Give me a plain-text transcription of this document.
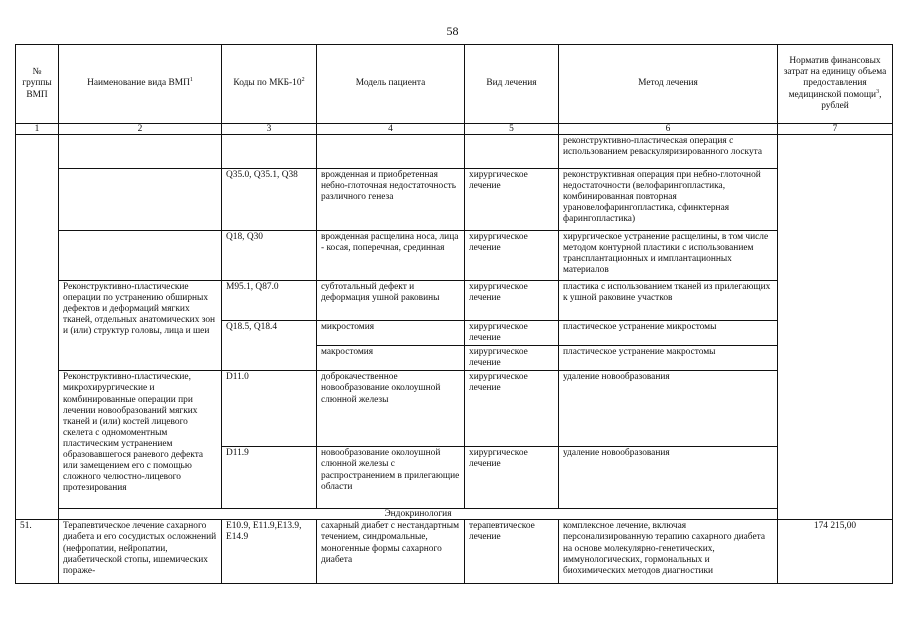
58
№ группы ВМП	Наименование вида ВМП$^1$	Коды по МКБ-$10^2$	Модель пациента	Вид лечения	Метод лечения	Норматив финансовых затрат на единицу объема предоставления медицинской помощи$^3$, рублей
1	2	3	4	5	6	7
					реконструктивно-пластическая операция с использованием реваскуляризированного лоскута	
		Q35.0, Q35.1, Q38	врожденная и приобретенная небно-глоточная недостаточность различного генеза	хирургическое лечение	реконструктивная операция при небно-глоточной недостаточности (велофарингопластика, комбинированная повторная урановелофарингопластика, сфинктерная фарингопластика)	
		Q18, Q30	врожденная расщелина носа, лица - косая, поперечная, срединная	хирургическое лечение	хирургическое устранение расщелины, в том числе методом контурной пластики с использованием трансплантационных и имплантационных материалов	
	Реконструктивно-пластические операции по устранению обширных дефектов и деформаций мягких тканей, отдельных анатомических зон и (или) структур головы, лица и шеи	M95.1, Q87.0	субтотальный дефект и деформация ушной раковины	хирургическое лечение	пластика с использованием тканей из прилегающих к ушной раковине участков	
		Q18.5, Q18.4	микростомия	хирургическое лечение	пластическое устранение микростомы	
			макростомия	хирургическое лечение	пластическое устранение макростомы	
	Реконструктивно-пластические, микрохирургические и комбинированные операции при лечении новообразований мягких тканей и (или) костей лицевого скелета с одномоментным пластическим устранением образовавшегося раневого дефекта или замещением его с помощью сложного челюстно-лицевого протезирования	D11.0	доброкачественное новообразование околоушной слюнной железы	хирургическое лечение	удаление новообразования	
		D11.9	новообразование околоушной слюнной железы с распространением в прилегающие области	хирургическое лечение	удаление новообразования	
	Эндокринология					
51.	Терапевтическое лечение сахарного диабета и его сосудистых осложнений (нефропатии, нейропатии, диабетической стопы, ишемических пораже-	E10.9, E11.9,E13.9, E14.9	сахарный диабет с нестандартным течением, синдромальные, моногенные формы сахарного диабета	терапевтическое лечение	комплексное лечение, включая персонализированную терапию сахарного диабета на основе молекулярно-генетических, иммунологических, гормональных и биохимических методов диагностики	174 215,00
